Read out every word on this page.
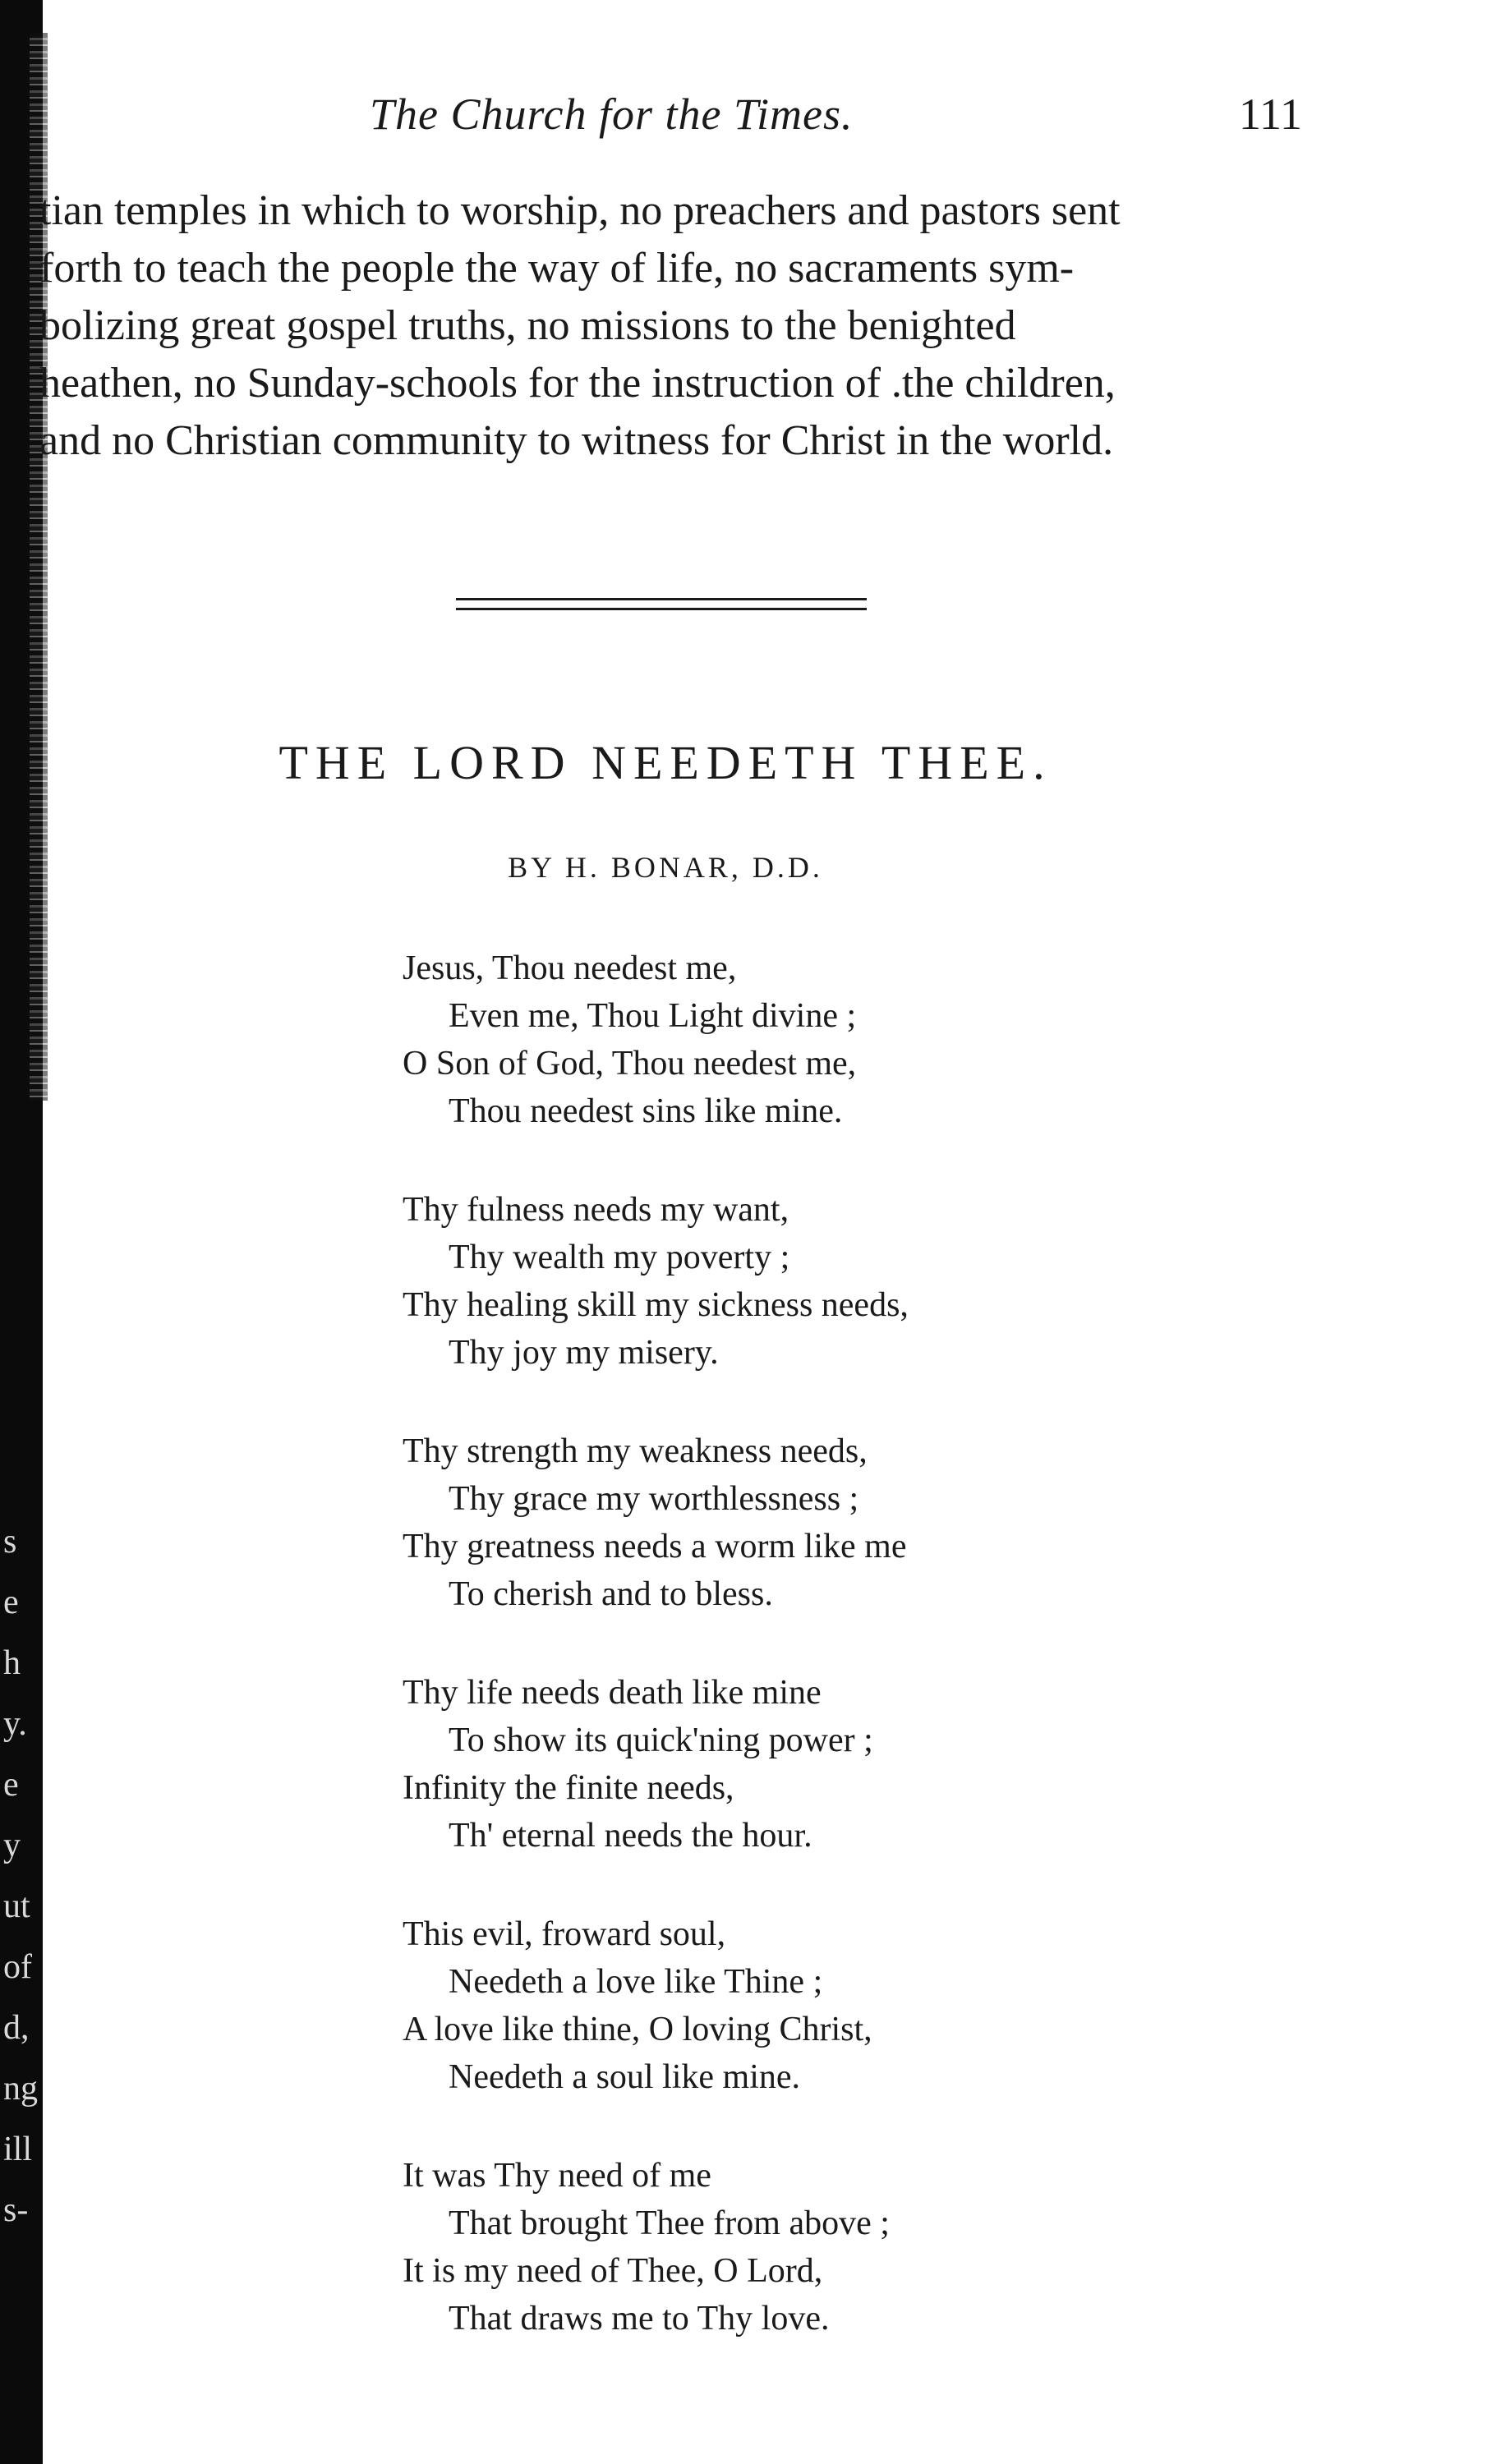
s
e
h
y.
e
y
ut
of
d,
ng
ill
s-
The Church for the Times.	111

tian temples in which to worship, no preachers and pastors sent

forth to teach the people the way of life, no sacraments sym-

bolizing great gospel truths, no missions to the benighted

heathen, no Sunday-schools for the instruction of .the children,

and no Christian community to witness for Christ in the world.

THE LORD NEEDETH THEE.
BY H. BONAR, D.D.
Jesus, Thou needest me,
Even me, Thou Light divine ;
O Son of God, Thou needest me,
Thou needest sins like mine.
Thy fulness needs my want,
Thy wealth my poverty ;
Thy healing skill my sickness needs,
Thy joy my misery.
Thy strength my weakness needs,
Thy grace my worthlessness ;
Thy greatness needs a worm like me
To cherish and to bless.
Thy life needs death like mine
To show its quick'ning power ;
Infinity the finite needs,
Th' eternal needs the hour.
This evil, froward soul,
Needeth a love like Thine ;
A love like thine, O loving Christ,
Needeth a soul like mine.
It was Thy need of me
That brought Thee from above ;
It is my need of Thee, O Lord,
That draws me to Thy love.
